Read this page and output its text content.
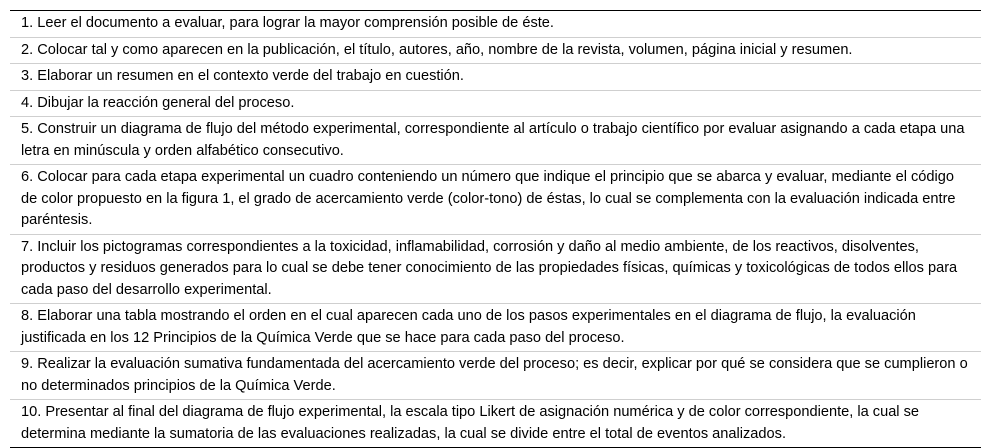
1. Leer el documento a evaluar, para lograr la mayor comprensión posible de éste.
2. Colocar tal y como aparecen en la publicación, el título, autores, año, nombre de la revista, volumen, página inicial y resumen.
3. Elaborar un resumen en el contexto verde del trabajo en cuestión.
4. Dibujar la reacción general del proceso.
5. Construir un diagrama de flujo del método experimental, correspondiente al artículo o trabajo científico por evaluar asignando a cada etapa una letra en minúscula y orden alfabético consecutivo.
6. Colocar para cada etapa experimental un cuadro conteniendo un número que indique el principio que se abarca y evaluar, mediante el código de color propuesto en la figura 1, el grado de acercamiento verde (color-tono) de éstas, lo cual se complementa con la evaluación indicada entre paréntesis.
7. Incluir los pictogramas correspondientes a la toxicidad, inflamabilidad, corrosión y daño al medio ambiente, de los reactivos, disolventes, productos y residuos generados para lo cual se debe tener conocimiento de las propiedades físicas, químicas y toxicológicas de todos ellos para cada paso del desarrollo experimental.
8. Elaborar una tabla mostrando el orden en el cual aparecen cada uno de los pasos experimentales en el diagrama de flujo, la evaluación justificada en los 12 Principios de la Química Verde que se hace para cada paso del proceso.
9. Realizar la evaluación sumativa fundamentada del acercamiento verde del proceso; es decir, explicar por qué se considera que se cumplieron o no determinados principios de la Química Verde.
10. Presentar al final del diagrama de flujo experimental, la escala tipo Likert de asignación numérica y de color correspondiente, la cual se determina mediante la sumatoria de las evaluaciones realizadas, la cual se divide entre el total de eventos analizados.
